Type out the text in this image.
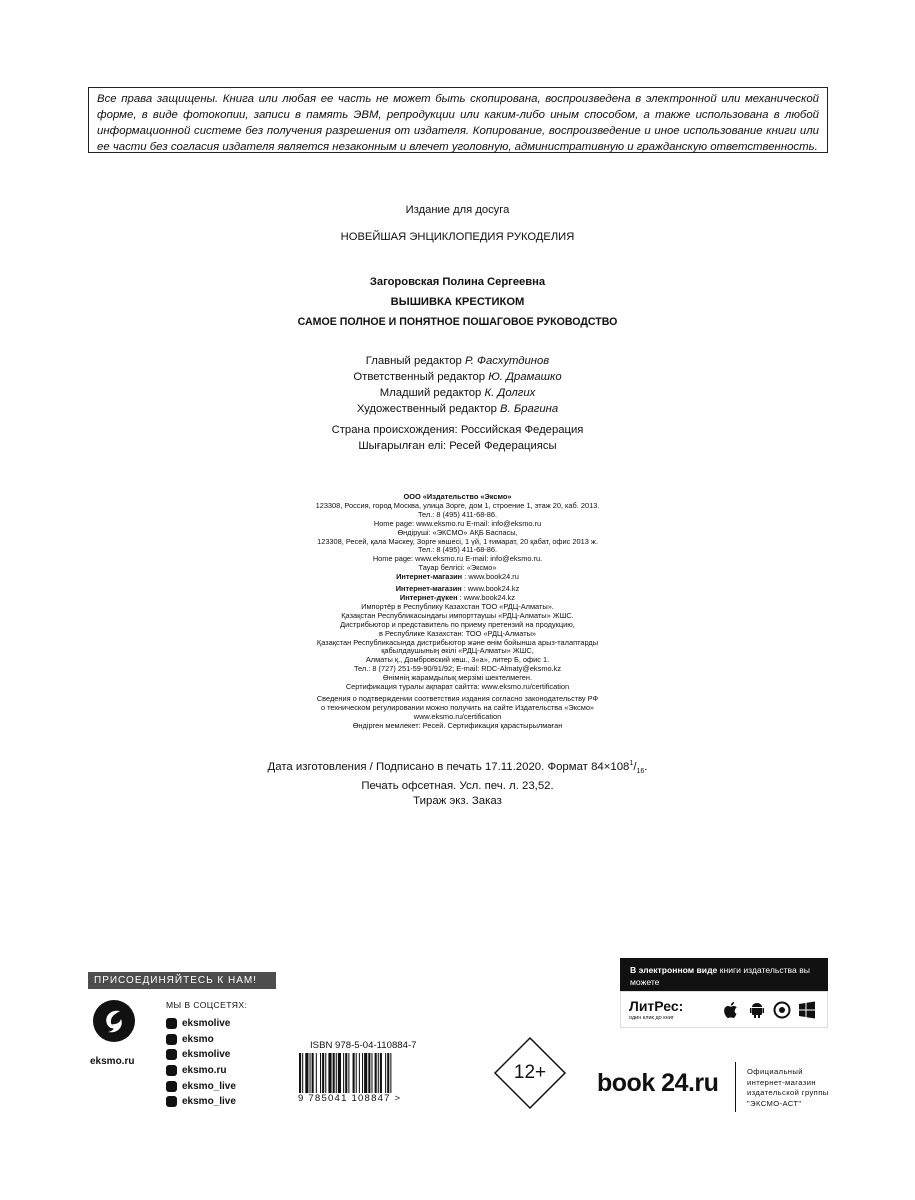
Все права защищены. Книга или любая ее часть не может быть скопирована, воспроизведена в электронной или механической форме, в виде фотокопии, записи в память ЭВМ, репродукции или каким-либо иным способом, а также использована в любой информационной системе без получения разрешения от издателя. Копирование, воспроизведение и иное использование книги или ее части без согласия издателя является незаконным и влечет уголовную, административную и гражданскую ответственность.
Издание для досуга
НОВЕЙШАЯ ЭНЦИКЛОПЕДИЯ РУКОДЕЛИЯ
Загоровская Полина Сергеевна
ВЫШИВКА КРЕСТИКОМ
САМОЕ ПОЛНОЕ И ПОНЯТНОЕ ПОШАГОВОЕ РУКОВОДСТВО
Главный редактор Р. Фасхутдинов
Ответственный редактор Ю. Драмашко
Младший редактор К. Долгих
Художественный редактор В. Брагина
Страна происхождения: Российская Федерация
Шығарылған елі: Ресей Федерациясы
ООО «Издательство «Эксмо»
123308, Россия, город Москва, улица Зорге, дом 1, строение 1, этаж 20, каб. 2013.
Тел.: 8 (495) 411-68-86.
Home page: www.eksmo.ru E-mail: info@eksmo.ru
Өндіруші: «ЭКСМО» АҚБ Баспасы,
123308, Ресей, қала Мәскеу, Зорге көшесі, 1 үй, 1 ғимарат, 20 қабат, офис 2013 ж.
Тел.: 8 (495) 411-68-86.
Home page: www.eksmo.ru E-mail: info@eksmo.ru.
Тауар белгісі: «Эксмо»
Интернет-магазин : www.book24.ru
Интернет-магазин : www.book24.kz
Интернет-дүкен : www.book24.kz
Импортёр в Республику Казахстан ТОО «РДЦ-Алматы».
Қазақстан Республикасындағы импорттаушы «РДЦ-Алматы» ЖШС.
Дистрибьютор и представитель по приему претензий на продукцию,
в Республике Казахстан: ТОО «РДЦ-Алматы»
Қазақстан Республикасында дистрибьютор және өнім бойынша арыз-талаптарды
қабылдаушының өкілі «РДЦ-Алматы» ЖШС,
Алматы қ., Домбровский көш., 3«а», литер Б, офис 1.
Тел.: 8 (727) 251-59-90/91/92; E-mail: RDC-Almaty@eksmo.kz
Өнімнің жарамдылық мерзімі шектелмеген.
Сертификация туралы ақпарат сайтта: www.eksmo.ru/certification
Сведения о подтверждении соответствия издания согласно законодательству РФ
о техническом регулировании можно получить на сайте Издательства «Эксмо»
www.eksmo.ru/certification
Өндірген мемлекет: Ресей. Сертификация қарастырылмаған
Дата изготовления / Подписано в печать 17.11.2020. Формат $84\times 108^1/_{16}$.
Печать офсетная. Усл. печ. л. 23,52.
Тираж экз. Заказ
ПРИСОЕДИНЯЙТЕСЬ К НАМ!
eksmo.ru
МЫ В СОЦСЕТЯХ:
eksmolive
eksmo
eksmolive
eksmo.ru
eksmo_live
eksmo_live
ISBN 978-5-04-110884-7
9 785041 108847 >
12+
В электронном виде книги издательства вы можете
ЛитРес:
один клик до книг
book 24.ru	Официальный
интернет-магазин
издательской группы
"ЭКСМО-АСТ"
